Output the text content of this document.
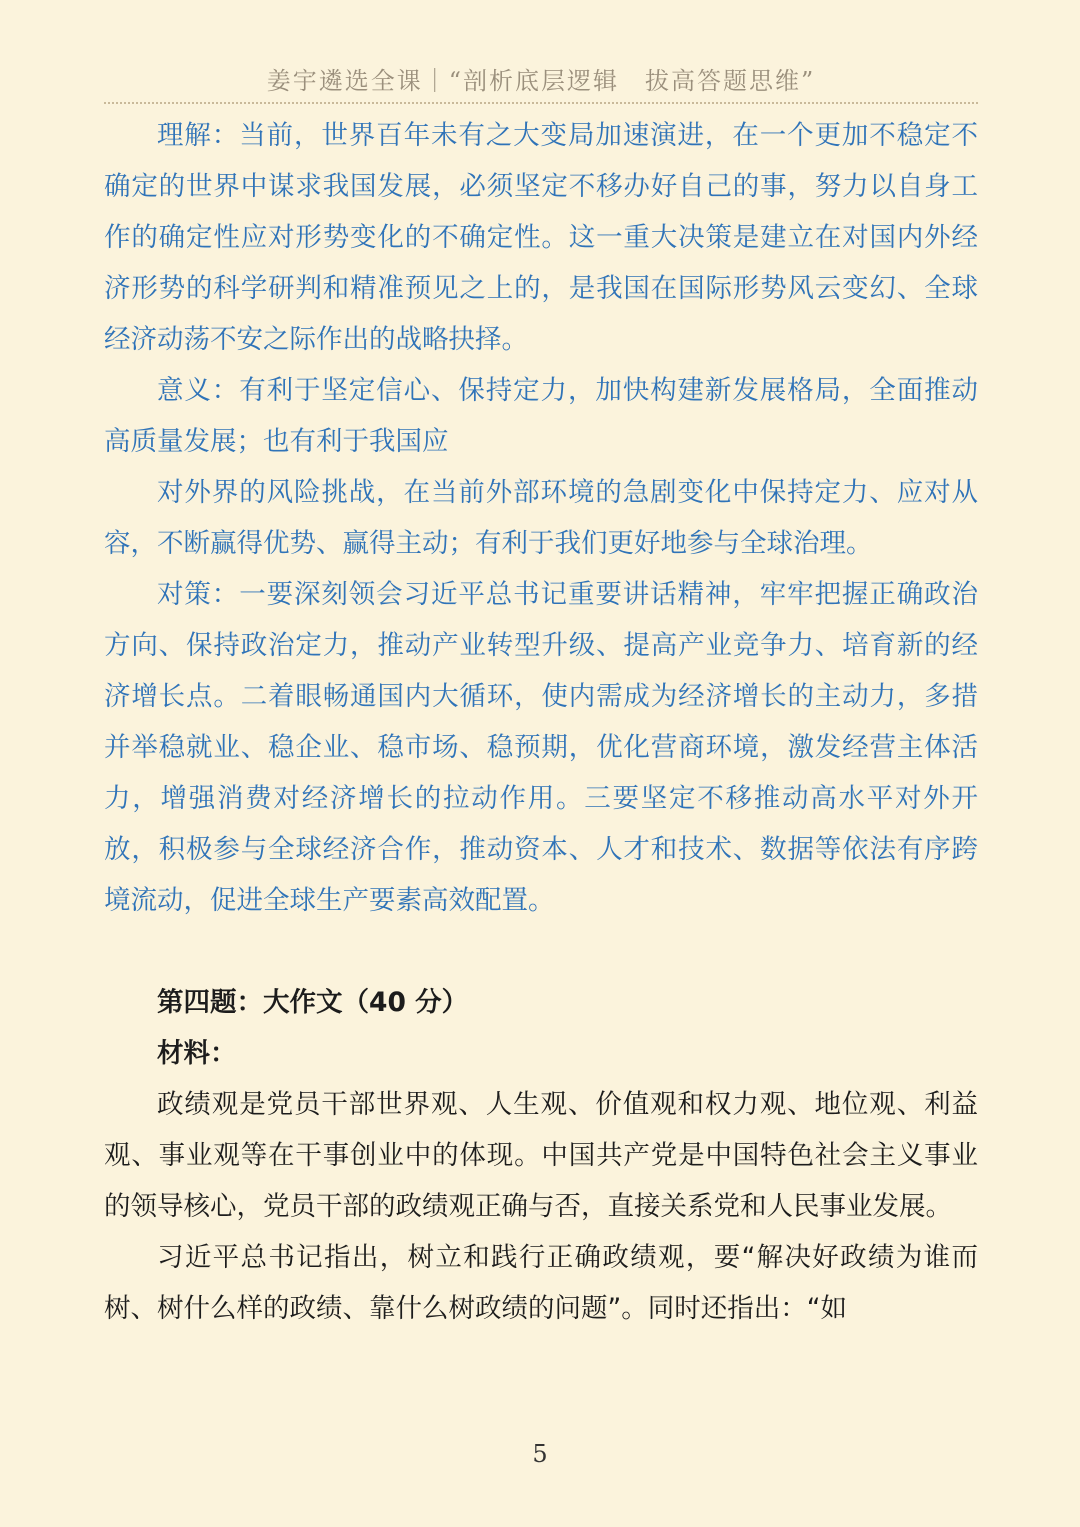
姜宇遴选全课｜“剖析底层逻辑　拔高答题思维”

理解：当前，世界百年未有之大变局加速演进，在一个更加不稳定不确定的世界中谋求我国发展，必须坚定不移办好自己的事，努力以自身工作的确定性应对形势变化的不确定性。这一重大决策是建立在对国内外经济形势的科学研判和精准预见之上的，是我国在国际形势风云变幻、全球经济动荡不安之际作出的战略抉择。

意义：有利于坚定信心、保持定力，加快构建新发展格局，全面推动高质量发展；也有利于我国应

对外界的风险挑战，在当前外部环境的急剧变化中保持定力、应对从容，不断赢得优势、赢得主动；有利于我们更好地参与全球治理。

对策：一要深刻领会习近平总书记重要讲话精神，牢牢把握正确政治方向、保持政治定力，推动产业转型升级、提高产业竞争力、培育新的经济增长点。二着眼畅通国内大循环，使内需成为经济增长的主动力，多措并举稳就业、稳企业、稳市场、稳预期，优化营商环境，激发经营主体活力，增强消费对经济增长的拉动作用。三要坚定不移推动高水平对外开放，积极参与全球经济合作，推动资本、人才和技术、数据等依法有序跨境流动，促进全球生产要素高效配置。

第四题：大作文（40 分）

材料：

政绩观是党员干部世界观、人生观、价值观和权力观、地位观、利益观、事业观等在干事创业中的体现。中国共产党是中国特色社会主义事业的领导核心，党员干部的政绩观正确与否，直接关系党和人民事业发展。

习近平总书记指出，树立和践行正确政绩观，要“解决好政绩为谁而树、树什么样的政绩、靠什么树政绩的问题”。同时还指出：“如

5
